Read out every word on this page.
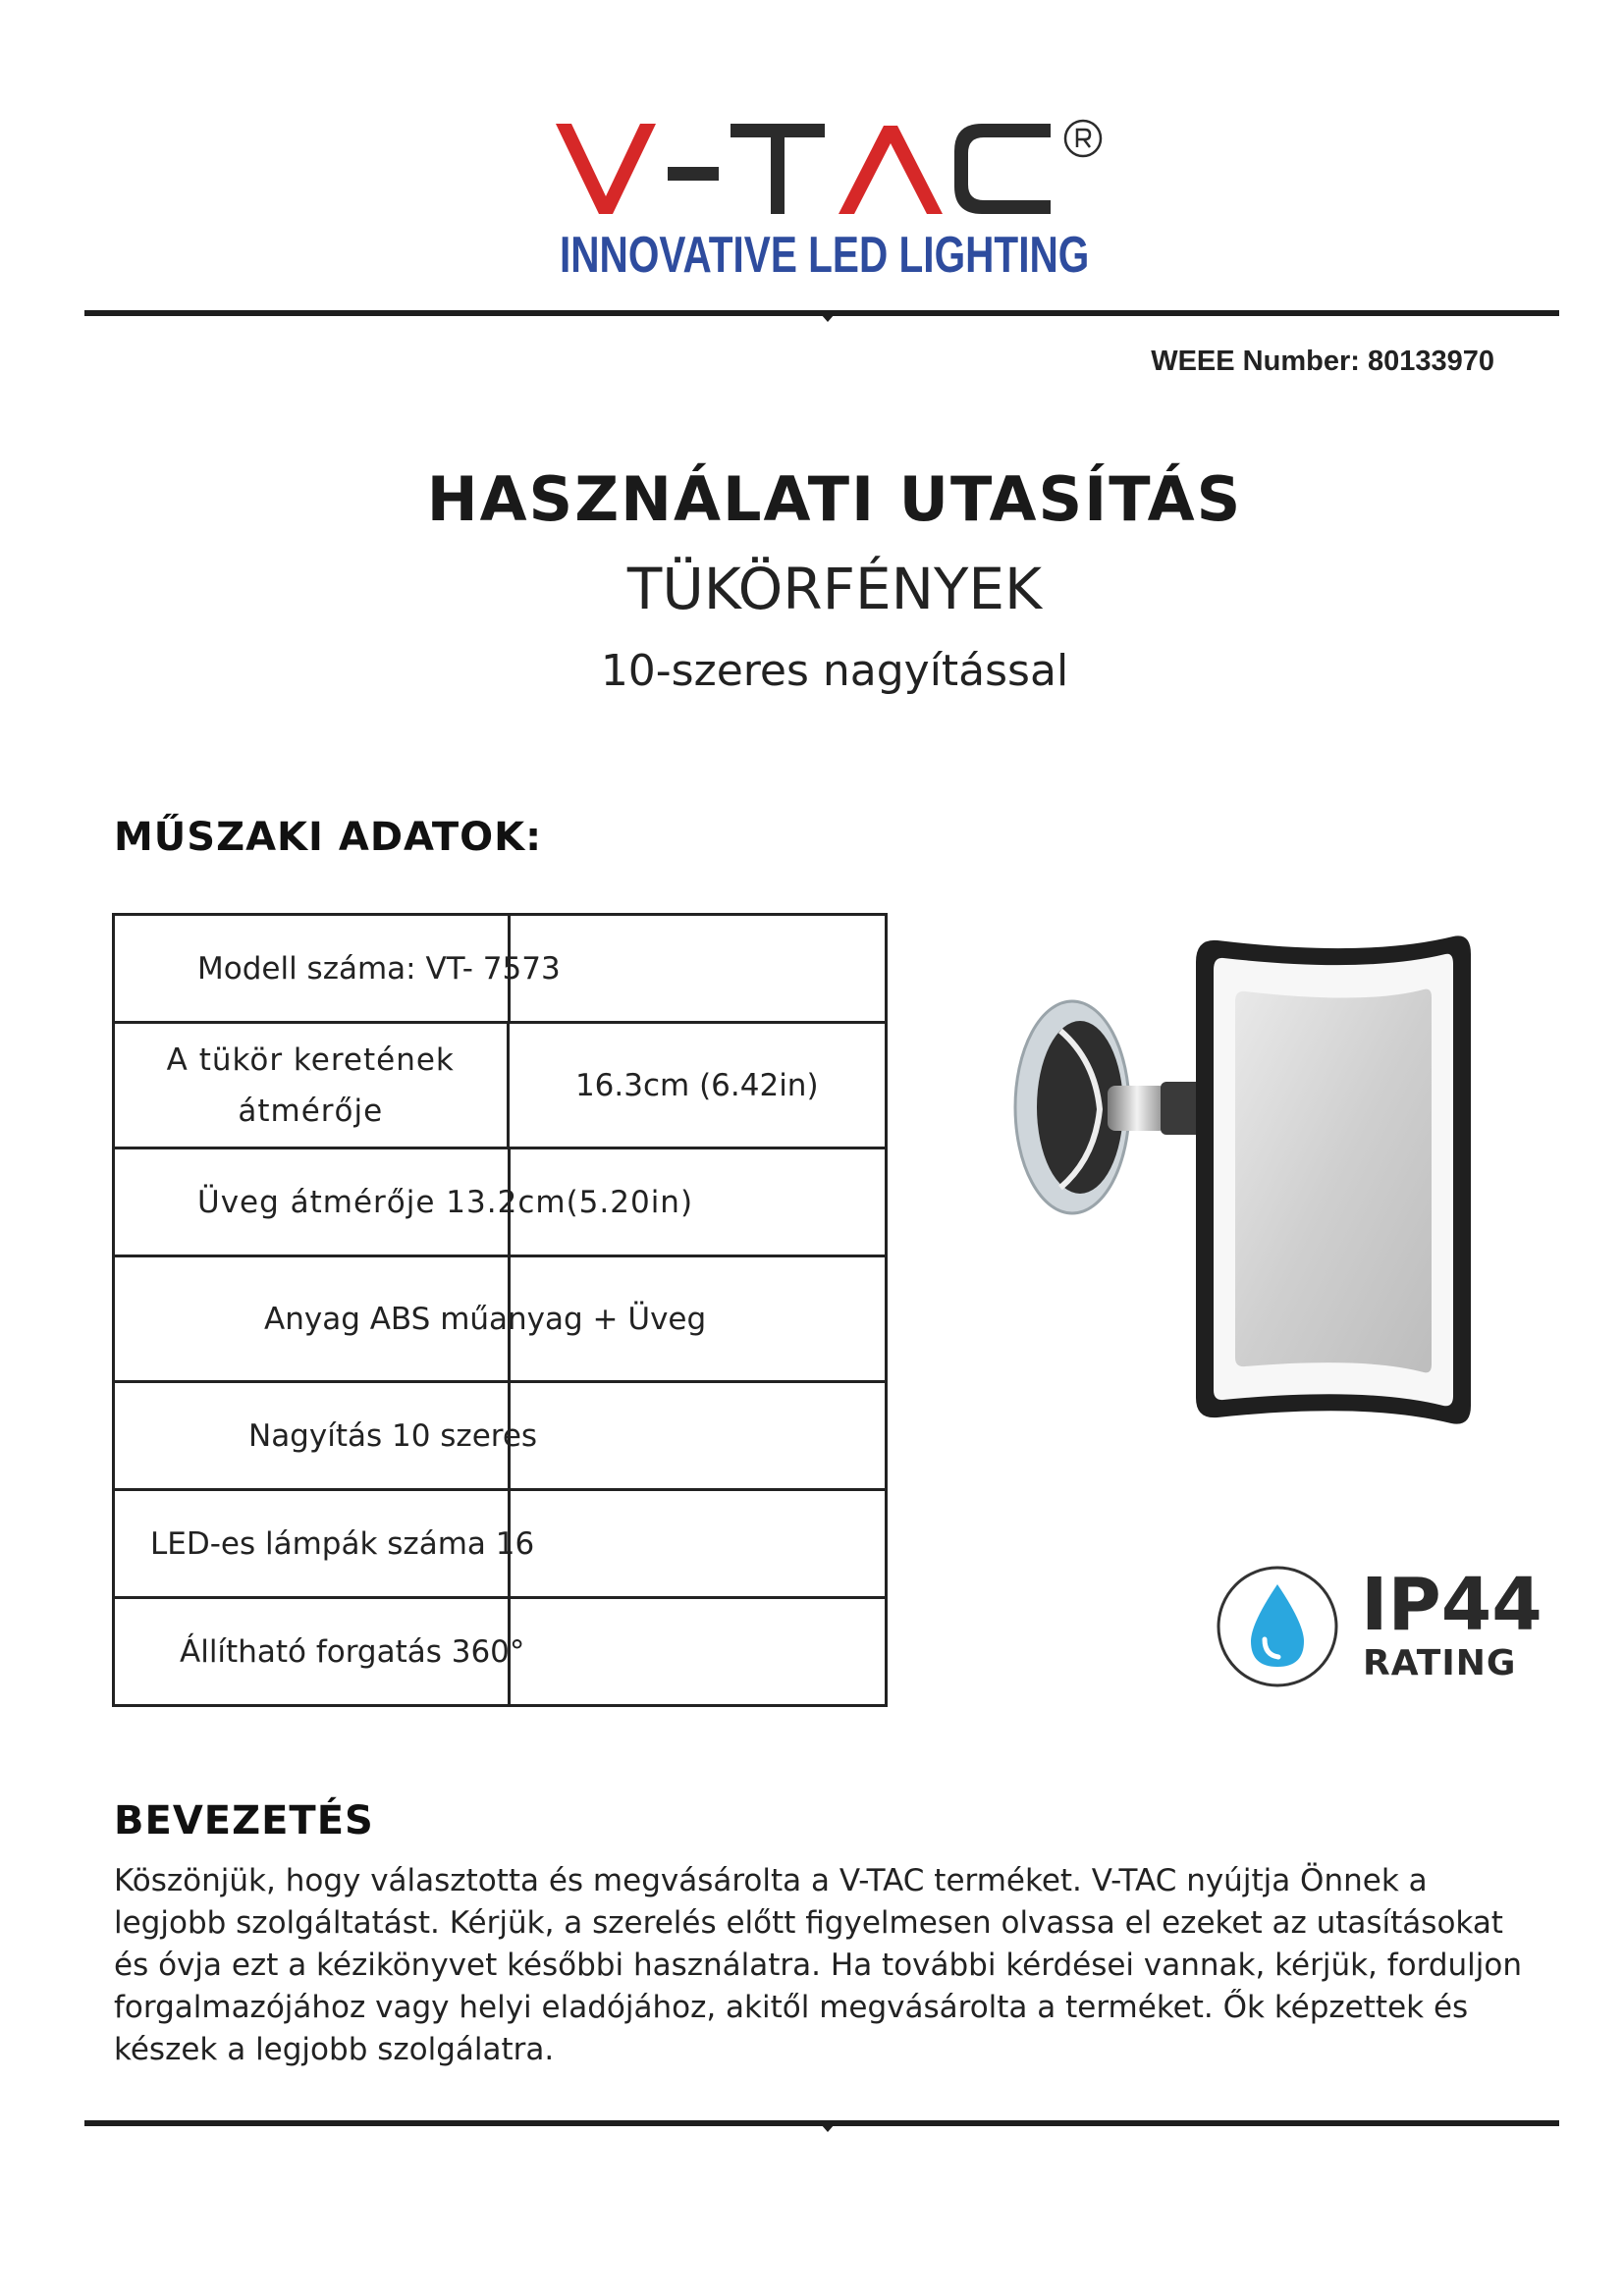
INNOVATIVE LED LIGHTING
WEEE Number: 80133970
HASZNÁLATI UTASÍTÁS
TÜKÖRFÉNYEK
10-szeres nagyítással
MŰSZAKI ADATOK:
Modell száma: VT- 7573

A tükör keretének
átmérője
	16.3cm (6.42in)

Üveg átmérője 13.2cm(5.20in)

Anyag ABS műanyag + Üveg

Nagyítás 10 szeres

LED-es lámpák száma 16

Állítható forgatás 360°
IP44
RATING
BEVEZETÉS
Köszönjük, hogy választotta és megvásárolta a V-TAC terméket. V-TAC nyújtja Önnek a legjobb szolgáltatást. Kérjük, a szerelés előtt figyelmesen olvassa el ezeket az utasításokat és óvja ezt a kézikönyvet későbbi használatra. Ha további kérdései vannak, kérjük, forduljon forgalmazójához vagy helyi eladójához, akitől megvásárolta a terméket. Ők képzettek és készek a legjobb szolgálatra.
